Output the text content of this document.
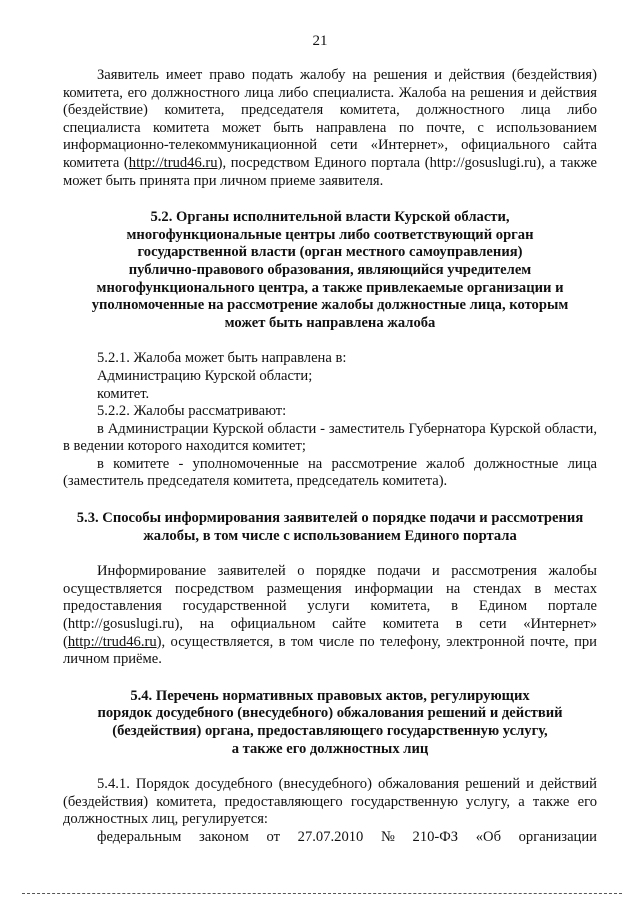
21

Заявитель имеет право подать жалобу на решения и действия (бездействия) комитета, его должностного лица либо специалиста. Жалоба на решения и действия (бездействие) комитета, председателя комитета, должностного лица либо специалиста комитета может быть направлена по почте, с использованием информационно-телекоммуникационной сети «Интернет», официального сайта комитета (http://trud46.ru), посредством Единого портала (http://gosuslugi.ru), а также может быть принята при личном приеме заявителя.

5.2. Органы исполнительной власти Курской области,
многофункциональные центры либо соответствующий орган
государственной власти (орган местного самоуправления)
публично-правового образования, являющийся учредителем
многофункционального центра, а также привлекаемые организации и
уполномоченные на рассмотрение жалобы должностные лица, которым
может быть направлена жалоба
5.2.1. Жалоба может быть направлена в:
Администрацию Курской области;
комитет.
5.2.2. Жалобы рассматривают:

в Администрации Курской области - заместитель Губернатора Курской области, в ведении которого находится комитет;

в комитете - уполномоченные на рассмотрение жалоб должностные лица (заместитель председателя комитета, председатель комитета).

5.3. Способы информирования заявителей о порядке подачи и рассмотрения
жалобы, в том числе с использованием Единого портала

Информирование заявителей о порядке подачи и рассмотрения жалобы осуществляется посредством размещения информации на стендах в местах предоставления государственной услуги комитета, в Едином портале (http://gosuslugi.ru), на официальном сайте комитета в сети «Интернет» (http://trud46.ru), осуществляется, в том числе по телефону, электронной почте, при личном приёме.

5.4. Перечень нормативных правовых актов, регулирующих
порядок досудебного (внесудебного) обжалования решений и действий
(бездействия) органа, предоставляющего государственную услугу,
а также его должностных лиц

5.4.1. Порядок досудебного (внесудебного) обжалования решений и действий (бездействия) комитета, предоставляющего государственную услугу, а также его должностных лиц, регулируется:

федеральным законом от 27.07.2010 № 210-ФЗ «Об организации
